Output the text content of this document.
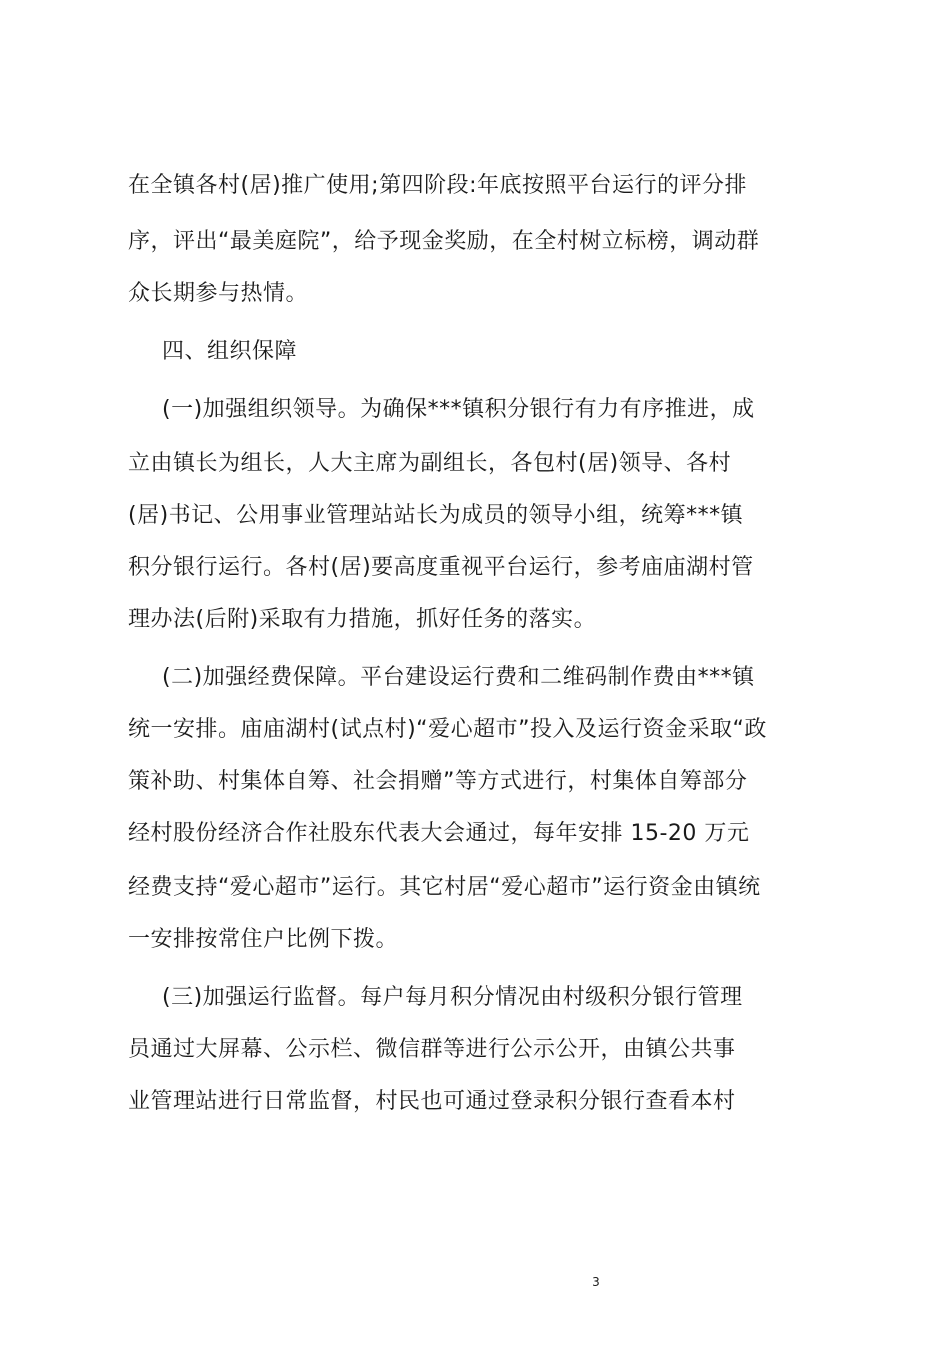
在全镇各村(居)推广使用;第四阶段:年底按照平台运行的评分排
序，评出“最美庭院”，给予现金奖励，在全村树立标榜，调动群
众长期参与热情。
四、组织保障
(一)加强组织领导。为确保***镇积分银行有力有序推进，成
立由镇长为组长，人大主席为副组长，各包村(居)领导、各村
(居)书记、公用事业管理站站长为成员的领导小组，统筹***镇
积分银行运行。各村(居)要高度重视平台运行，参考庙庙湖村管
理办法(后附)采取有力措施，抓好任务的落实。
(二)加强经费保障。平台建设运行费和二维码制作费由***镇
统一安排。庙庙湖村(试点村)“爱心超市”投入及运行资金采取“政
策补助、村集体自筹、社会捐赠”等方式进行，村集体自筹部分
经村股份经济合作社股东代表大会通过，每年安排 15-20 万元
经费支持“爱心超市”运行。其它村居“爱心超市”运行资金由镇统
一安排按常住户比例下拨。
(三)加强运行监督。每户每月积分情况由村级积分银行管理
员通过大屏幕、公示栏、微信群等进行公示公开，由镇公共事
业管理站进行日常监督，村民也可通过登录积分银行查看本村
3
